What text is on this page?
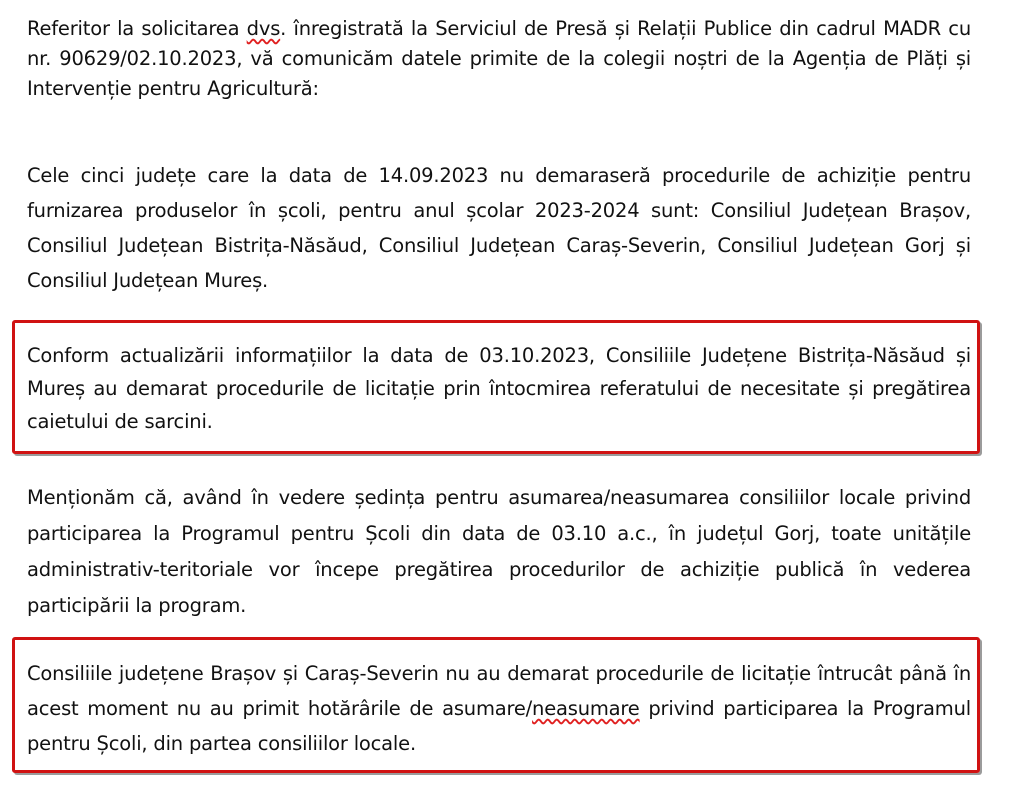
Referitor la solicitarea dvs. înregistrată la Serviciul de Presă și Relații Publice din cadrul MADR cu nr. 90629/02.10.2023, vă comunicăm datele primite de la colegii noștri de la Agenția de Plăți și Intervenție pentru Agricultură:

Cele cinci județe care la data de 14.09.2023 nu demaraseră procedurile de achiziție pentru furnizarea produselor în școli, pentru anul școlar 2023-2024 sunt: Consiliul Județean Brașov, Consiliul Județean Bistrița-Năsăud, Consiliul Județean Caraș-Severin, Consiliul Județean Gorj și Consiliul Județean Mureș.

Conform actualizării informațiilor la data de 03.10.2023, Consiliile Județene Bistrița-Năsăud și Mureș au demarat procedurile de licitație prin întocmirea referatului de necesitate și pregătirea caietului de sarcini.

Menționăm că, având în vedere ședința pentru asumarea/neasumarea consiliilor locale privind participarea la Programul pentru Școli din data de 03.10 a.c., în județul Gorj, toate unitățile administrativ-teritoriale vor începe pregătirea procedurilor de achiziție publică în vederea participării la program.

Consiliile județene Brașov și Caraș-Severin nu au demarat procedurile de licitație întrucât până în acest moment nu au primit hotărârile de asumare/neasumare privind participarea la Programul pentru Școli, din partea consiliilor locale.
